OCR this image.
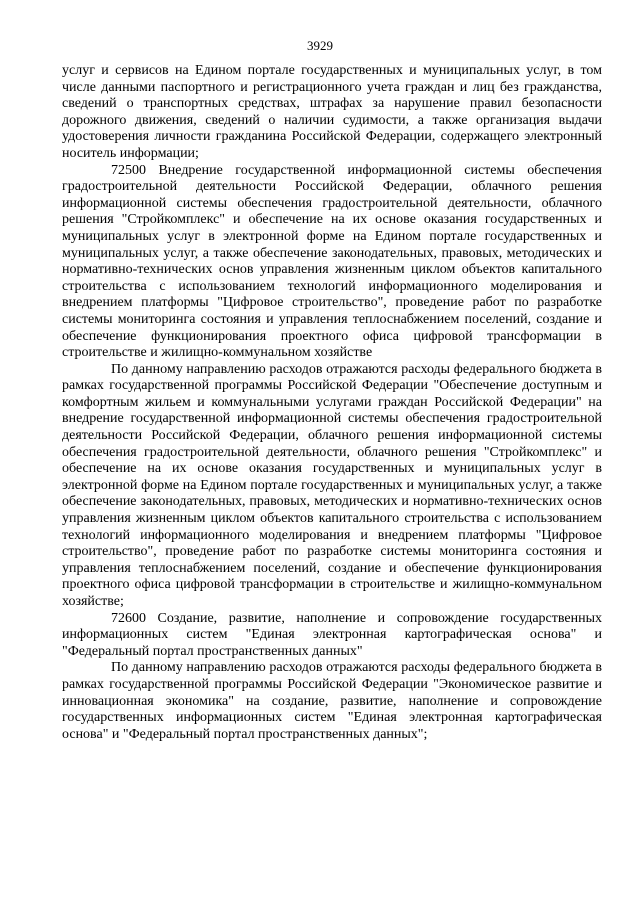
3929

услуг и сервисов на Едином портале государственных и муниципальных услуг, в том числе данными паспортного и регистрационного учета граждан и лиц без гражданства, сведений о транспортных средствах, штрафах за нарушение правил безопасности дорожного движения, сведений о наличии судимости, а также организация выдачи удостоверения личности гражданина Российской Федерации, содержащего электронный носитель информации;

72500 Внедрение государственной информационной системы обеспечения градостроительной деятельности Российской Федерации, облачного решения информационной системы обеспечения градостроительной деятельности, облачного решения "Стройкомплекс" и обеспечение на их основе оказания государственных и муниципальных услуг в электронной форме на Едином портале государственных и муниципальных услуг, а также обеспечение законодательных, правовых, методических и нормативно-технических основ управления жизненным циклом объектов капитального строительства с использованием технологий информационного моделирования и внедрением платформы "Цифровое строительство", проведение работ по разработке системы мониторинга состояния и управления теплоснабжением поселений, создание и обеспечение функционирования проектного офиса цифровой трансформации в строительстве и жилищно-коммунальном хозяйстве

По данному направлению расходов отражаются расходы федерального бюджета в рамках государственной программы Российской Федерации "Обеспечение доступным и комфортным жильем и коммунальными услугами граждан Российской Федерации" на внедрение государственной информационной системы обеспечения градостроительной деятельности Российской Федерации, облачного решения информационной системы обеспечения градостроительной деятельности, облачного решения "Стройкомплекс" и обеспечение на их основе оказания государственных и муниципальных услуг в электронной форме на Едином портале государственных и муниципальных услуг, а также обеспечение законодательных, правовых, методических и нормативно-технических основ управления жизненным циклом объектов капитального строительства с использованием технологий информационного моделирования и внедрением платформы "Цифровое строительство", проведение работ по разработке системы мониторинга состояния и управления теплоснабжением поселений, создание и обеспечение функционирования проектного офиса цифровой трансформации в строительстве и жилищно-коммунальном хозяйстве;

72600 Создание, развитие, наполнение и сопровождение государственных информационных систем "Единая электронная картографическая основа" и "Федеральный портал пространственных данных"

По данному направлению расходов отражаются расходы федерального бюджета в рамках государственной программы Российской Федерации "Экономическое развитие и инновационная экономика" на создание, развитие, наполнение и сопровождение государственных информационных систем "Единая электронная картографическая основа" и "Федеральный портал пространственных данных";
